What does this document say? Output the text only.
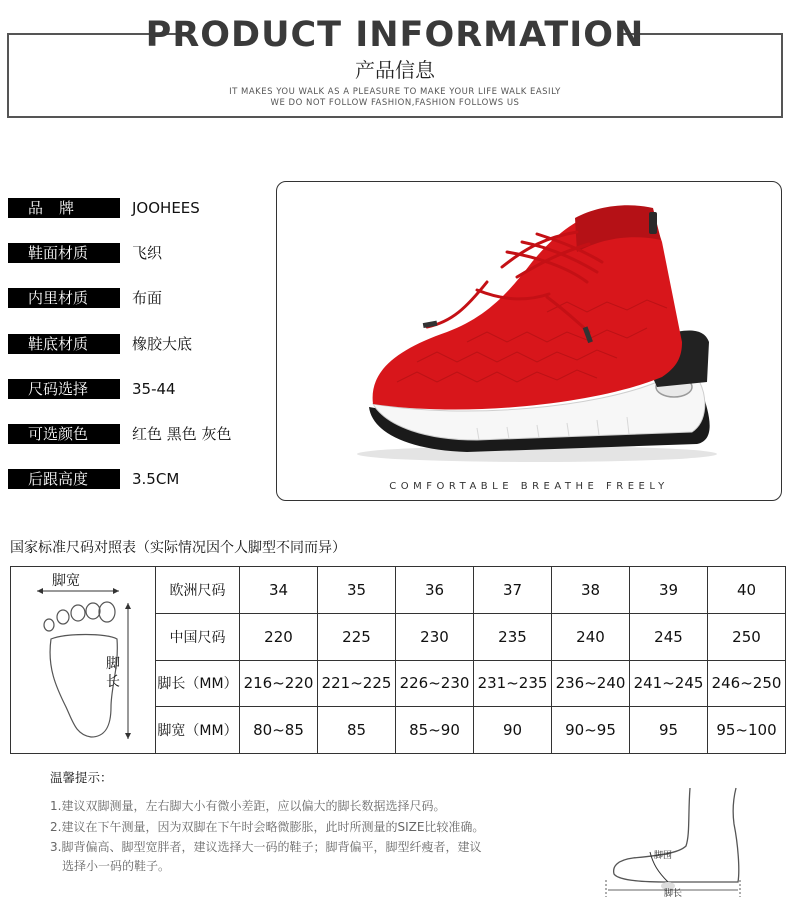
PRODUCT INFORMATION
产品信息
IT MAKES YOU WALK AS A PLEASURE TO MAKE YOUR LIFE WALK EASILY
WE DO NOT FOLLOW FASHION,FASHION FOLLOWS US
品牌	JOOHEES
鞋面材质	飞织
内里材质	布面
鞋底材质	橡胶大底
尺码选择	35-44
可选颜色	红色 黑色 灰色
后跟高度	3.5CM	COMFORTABLE BREATHE FREELY
国家标准尺码对照表（实际情况因个人脚型不同而异）
脚宽
脚长	欧洲尺码	34	35	36	37	38	39	40
	中国尺码	220	225	230	235	240	245	250
	脚长（MM）	216~220	221~225	226~230	231~235	236~240	241~245	246~250
	脚宽（MM）	80~85	85	85~90	90	90~95	95	95~100
温馨提示：
1.建议双脚测量，左右脚大小有微小差距，应以偏大的脚长数据选择尺码。
2.建议在下午测量，因为双脚在下午时会略微膨胀，此时所测量的SIZE比较准确。
3.脚背偏高、脚型宽胖者，建议选择大一码的鞋子；脚背偏平，脚型纤瘦者，建议
选择小一码的鞋子。
脚围
脚长
